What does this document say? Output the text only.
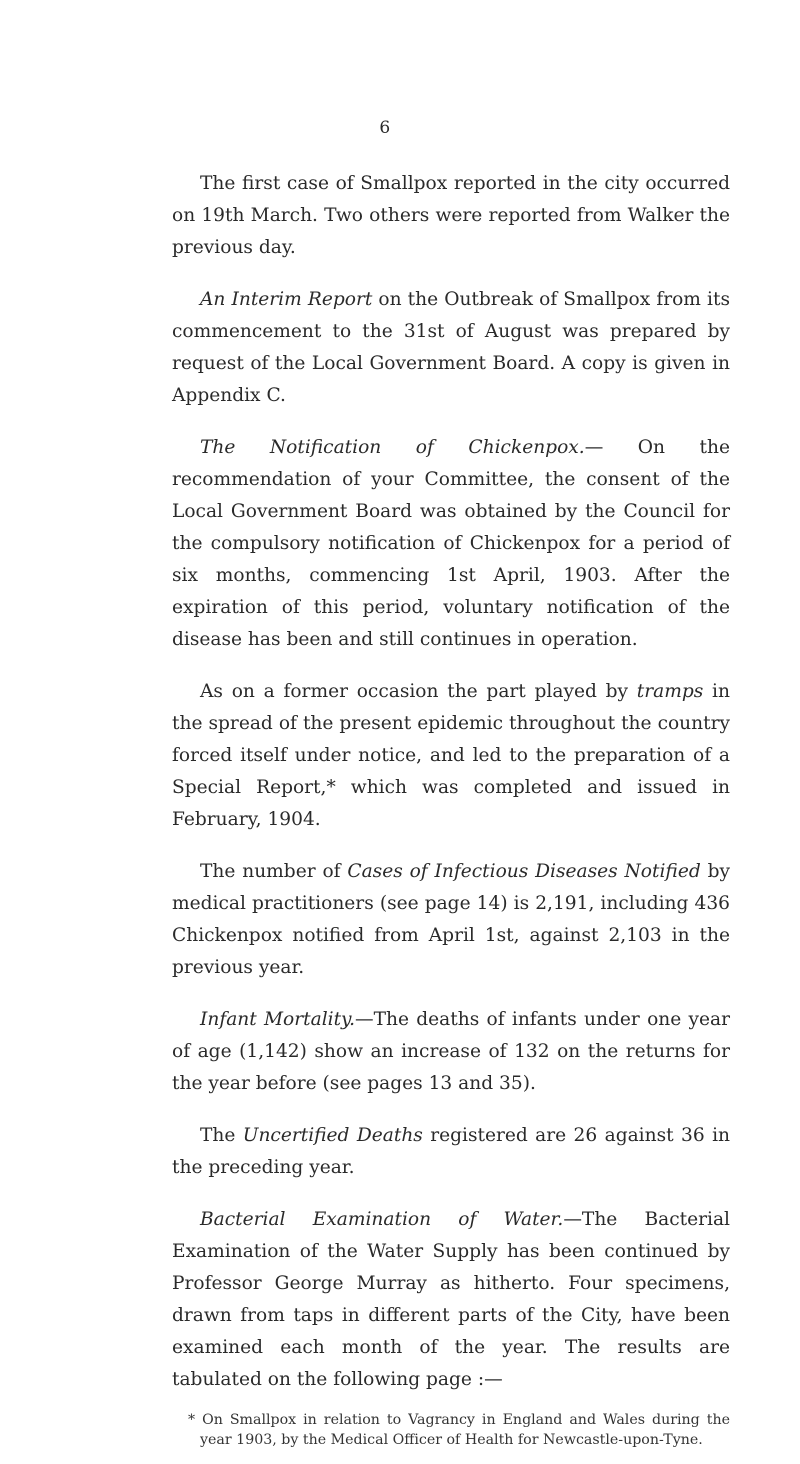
6

The first case of Smallpox reported in the city occurred on 19th March. Two others were reported from Walker the previous day.

An Interim Report on the Outbreak of Smallpox from its commencement to the 31st of August was prepared by request of the Local Government Board. A copy is given in Appendix C.

The Notification of Chickenpox.— On the recommendation of your Committee, the consent of the Local Government Board was obtained by the Council for the compulsory notification of Chickenpox for a period of six months, commencing 1st April, 1903. After the expiration of this period, voluntary notification of the disease has been and still continues in operation.

As on a former occasion the part played by tramps in the spread of the present epidemic throughout the country forced itself under notice, and led to the preparation of a Special Report,* which was completed and issued in February, 1904.

The number of Cases of Infectious Diseases Notified by medical practitioners (see page 14) is 2,191, including 436 Chickenpox notified from April 1st, against 2,103 in the previous year.

Infant Mortality.—The deaths of infants under one year of age (1,142) show an increase of 132 on the returns for the year before (see pages 13 and 35).

The Uncertified Deaths registered are 26 against 36 in the preceding year.

Bacterial Examination of Water.—The Bacterial Examination of the Water Supply has been continued by Professor George Murray as hitherto. Four specimens, drawn from taps in different parts of the City, have been examined each month of the year. The results are tabulated on the following page :—

* On Smallpox in relation to Vagrancy in England and Wales during the year 1903, by the Medical Officer of Health for Newcastle-upon-Tyne.
